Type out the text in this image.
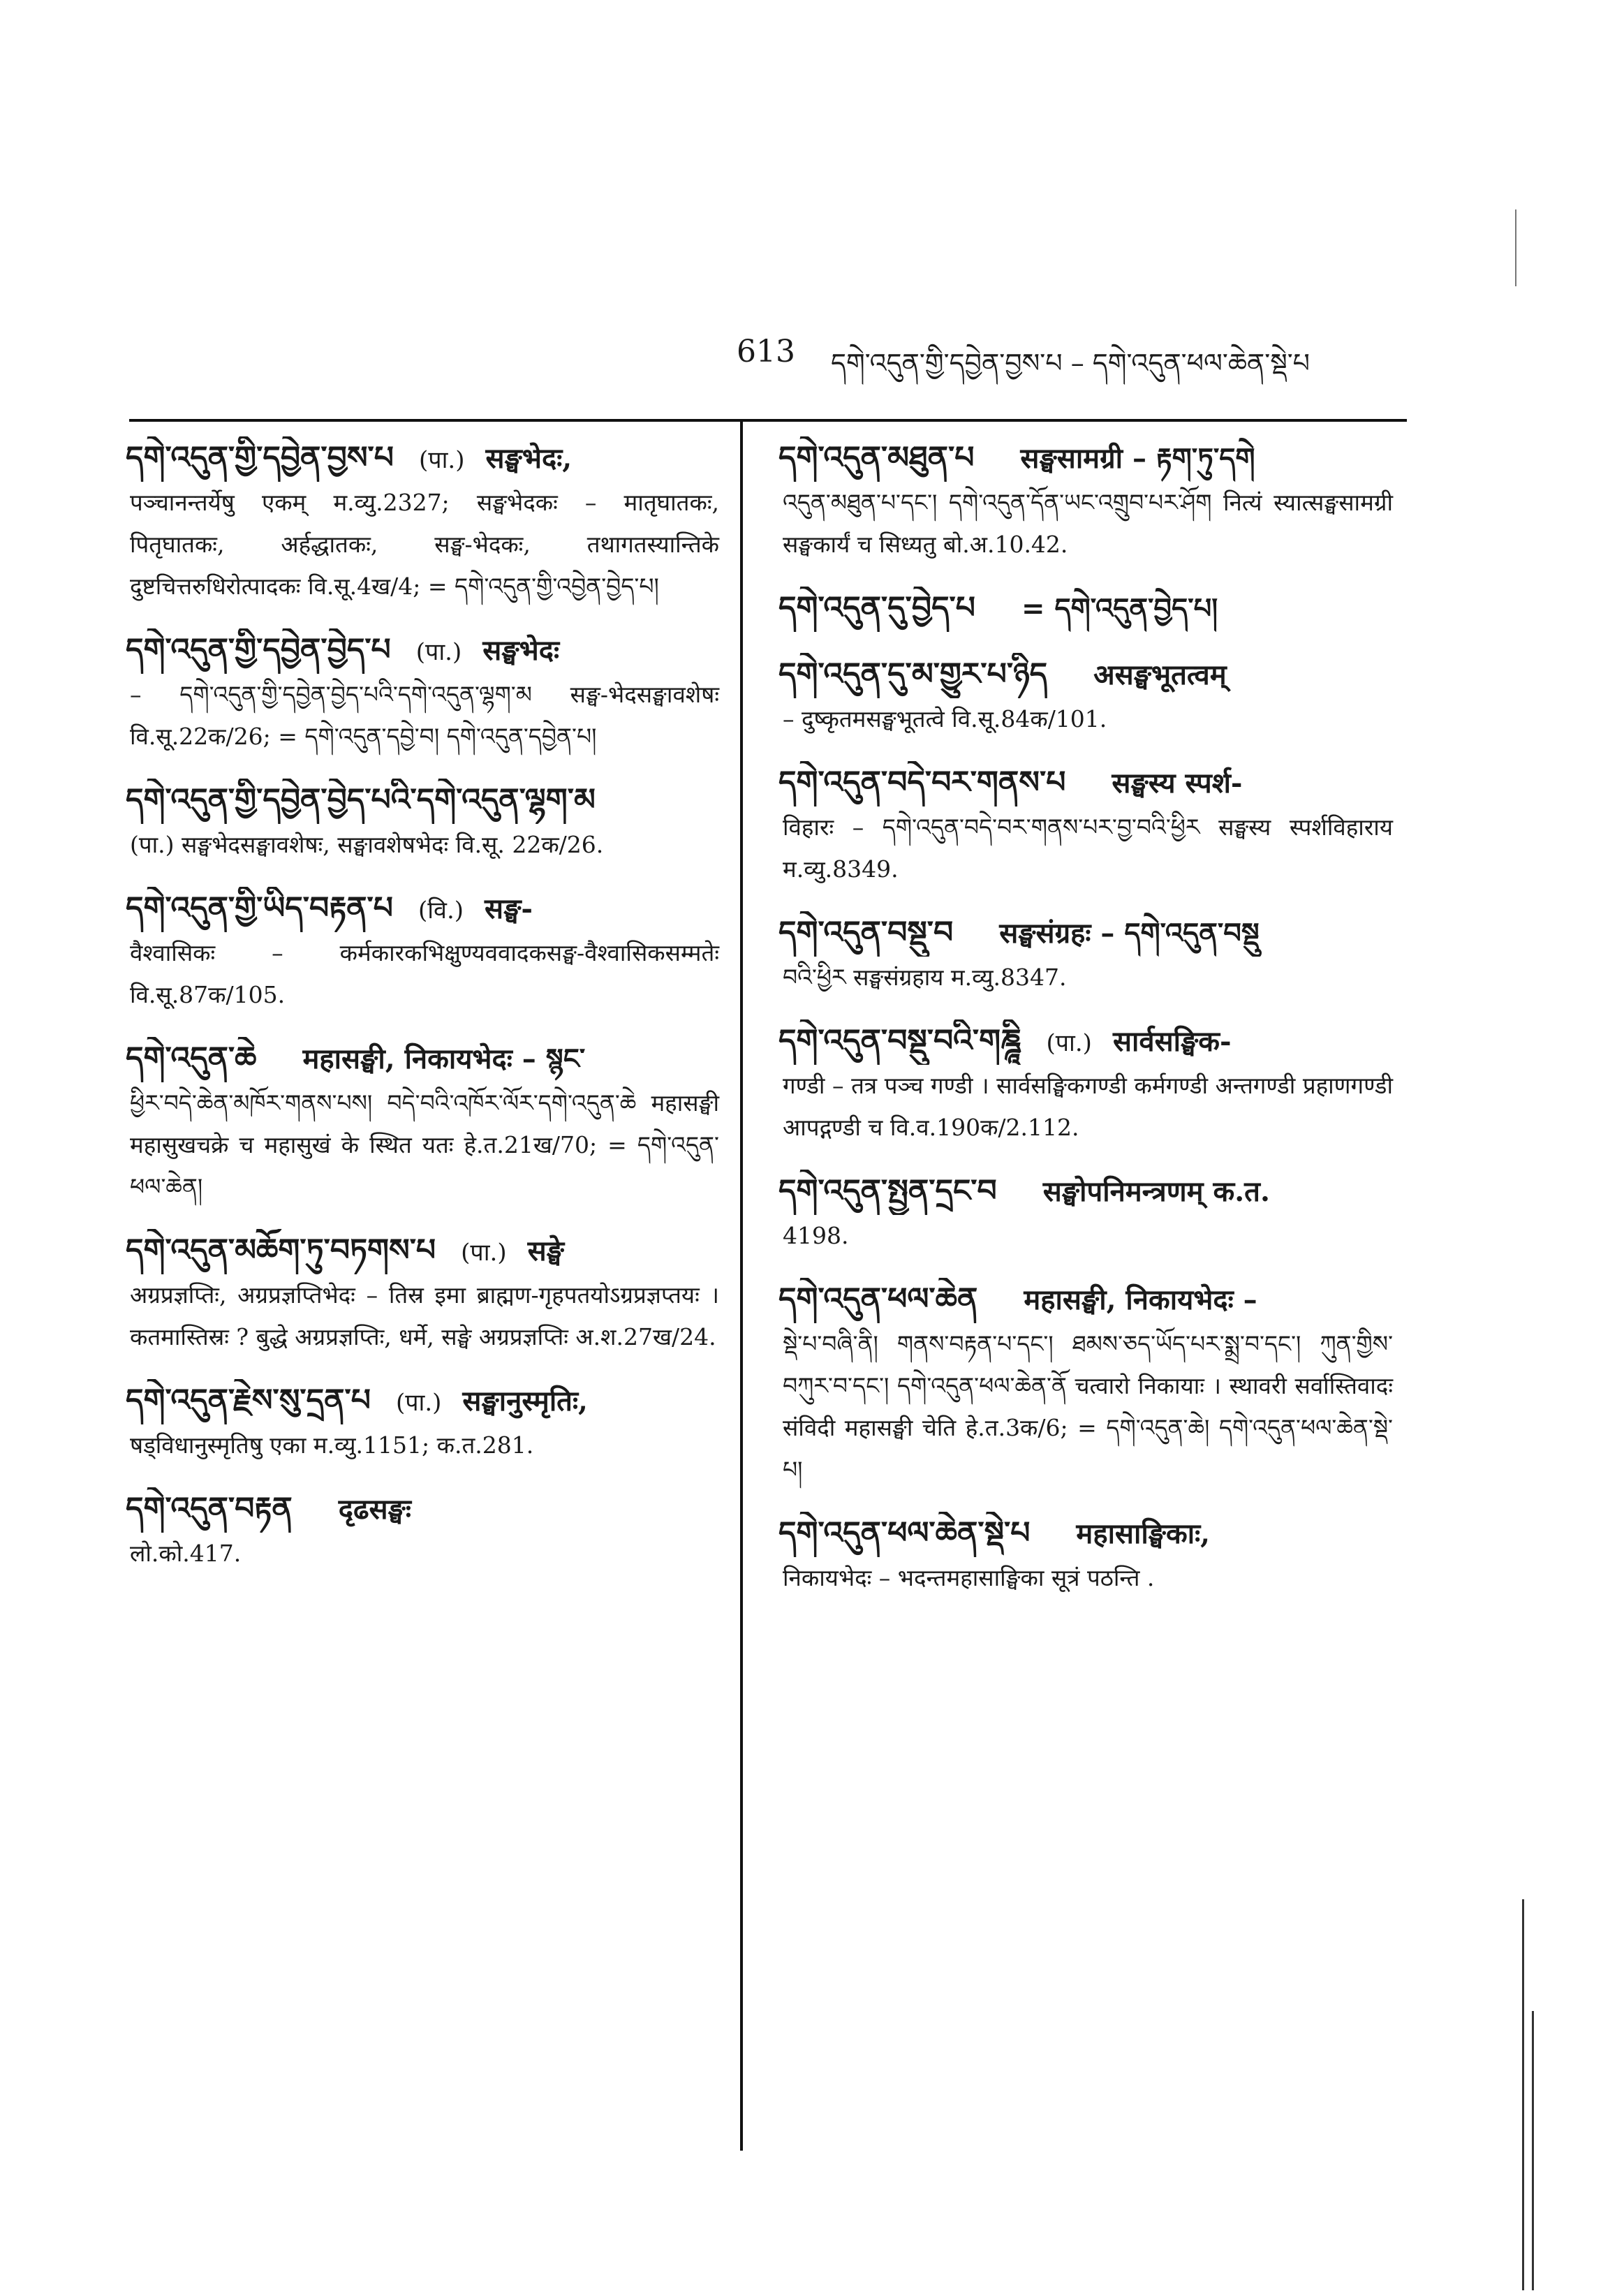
613 དགེ་འདུན་གྱི་དབྱེན་བྱས་པ – དགེ་འདུན་ཕལ་ཆེན་སྡེ་པ
དགེ་འདུན་གྱི་དབྱེན་བྱས་པ (पा.) सङ्घभेदः,
पञ्चानन्तर्येषु एकम् म.व्यु.2327; सङ्घभेदकः – मातृघातकः, पितृघातकः, अर्हद्धातकः, सङ्घ-भेदकः, तथागतस्यान्तिके दुष्टचित्तरुधिरोत्पादकः वि.सू.4ख/4; = དགེ་འདུན་གྱི་འབྱེན་བྱེད་པ།
དགེ་འདུན་གྱི་དབྱེན་བྱེད་པ (पा.) सङ्घभेदः
– དགེ་འདུན་གྱི་དབྱེན་བྱེད་པའི་དགེ་འདུན་ལྷག་མ सङ्घ-भेदसङ्घावशेषः वि.सू.22क/26; = དགེ་འདུན་དབྱེ་བ། དགེ་འདུན་དབྱེན་པ།
དགེ་འདུན་གྱི་དབྱེན་བྱེད་པའི་དགེ་འདུན་ལྷག་མ
(पा.) सङ्घभेदसङ्घावशेषः, सङ्घावशेषभेदः वि.सू. 22क/26.
དགེ་འདུན་གྱི་ཡིད་བརྟན་པ (वि.) सङ्घ-
वैश्वासिकः – कर्मकारकभिक्षुण्यववादकसङ्घ-वैश्वासिकसम्मतेः वि.सू.87क/105.
དགེ་འདུན་ཆེ महासङ्घी, निकायभेदः – སྙང་
ཕྱིར་བདེ་ཆེན་མཁོར་གནས་པས། བདེ་བའི་འཁོར་ལོར་དགེ་འདུན་ཆེ महासङ्घी महासुखचक्रे च महासुखं के स्थित यतः हे.त.21ख/70; = དགེ་འདུན་ཕལ་ཆེན།
དགེ་འདུན་མཆོག་ཏུ་བཏགས་པ (पा.) सङ्घे
अग्रप्रज्ञप्तिः, अग्रप्रज्ञप्तिभेदः – तिस्र इमा ब्राह्मण-गृहपतयोऽग्रप्रज्ञप्तयः । कतमास्तिस्रः ? बुद्धे अग्रप्रज्ञप्तिः, धर्मे, सङ्घे अग्रप्रज्ञप्तिः अ.श.27ख/24.
དགེ་འདུན་རྗེས་སུ་དྲན་པ (पा.) सङ्घानुस्मृतिः,
षड्विधानुस्मृतिषु एका म.व्यु.1151; क.त.281.
དགེ་འདུན་བརྟན दृढसङ्घः
लो.को.417.
དགེ་འདུན་མཐུན་པ सङ्घसामग्री – རྟག་ཏུ་དགེ
འདུན་མཐུན་པ་དང་། དགེ་འདུན་དོན་ཡང་འགྲུབ་པར་ཤོག नित्यं स्यात्सङ्घसामग्री सङ्घकार्यं च सिध्यतु बो.अ.10.42.
དགེ་འདུན་དུ་བྱེད་པ = དགེ་འདུན་བྱེད་པ།
དགེ་འདུན་དུ་མ་གྱུར་པ་ཉིད असङ्घभूतत्वम्
– दुष्कृतमसङ्घभूतत्वे वि.सू.84क/101.
དགེ་འདུན་བདེ་བར་གནས་པ सङ्घस्य स्पर्श-
विहारः – དགེ་འདུན་བདེ་བར་གནས་པར་བྱ་བའི་ཕྱིར सङ्घस्य स्पर्शविहाराय म.व्यु.8349.
དགེ་འདུན་བསྡུ་བ सङ्घसंग्रहः – དགེ་འདུན་བསྡུ
བའི་ཕྱིར सङ्घसंग्रहाय म.व्यु.8347.
དགེ་འདུན་བསྡུ་བའི་གཎྜཱི (पा.) सार्वसङ्घिक-
गण्डी – तत्र पञ्च गण्डी । सार्वसङ्घिकगण्डी कर्मगण्डी अन्तगण्डी प्रहाणगण्डी आपद्गण्डी च वि.व.190क/2.112.
དགེ་འདུན་སྤྱན་དྲང་བ सङ्घोपनिमन्त्रणम् क.त.
4198.
དགེ་འདུན་ཕལ་ཆེན महासङ्घी, निकायभेदः –
སྡེ་པ་བཞི་ནི། གནས་བརྟན་པ་དང་། ཐམས་ཅད་ཡོད་པར་སྨྲ་བ་དང་། ཀུན་གྱིས་བཀུར་བ་དང་། དགེ་འདུན་ཕལ་ཆེན་ནོ चत्वारो निकायाः । स्थावरी सर्वास्तिवादः संविदी महासङ्घी चेति हे.त.3क/6; = དགེ་འདུན་ཆེ། དགེ་འདུན་ཕལ་ཆེན་སྡེ་པ།
དགེ་འདུན་ཕལ་ཆེན་སྡེ་པ महासाङ्घिकाः,
निकायभेदः – भदन्तमहासाङ्घिका सूत्रं पठन्ति .
